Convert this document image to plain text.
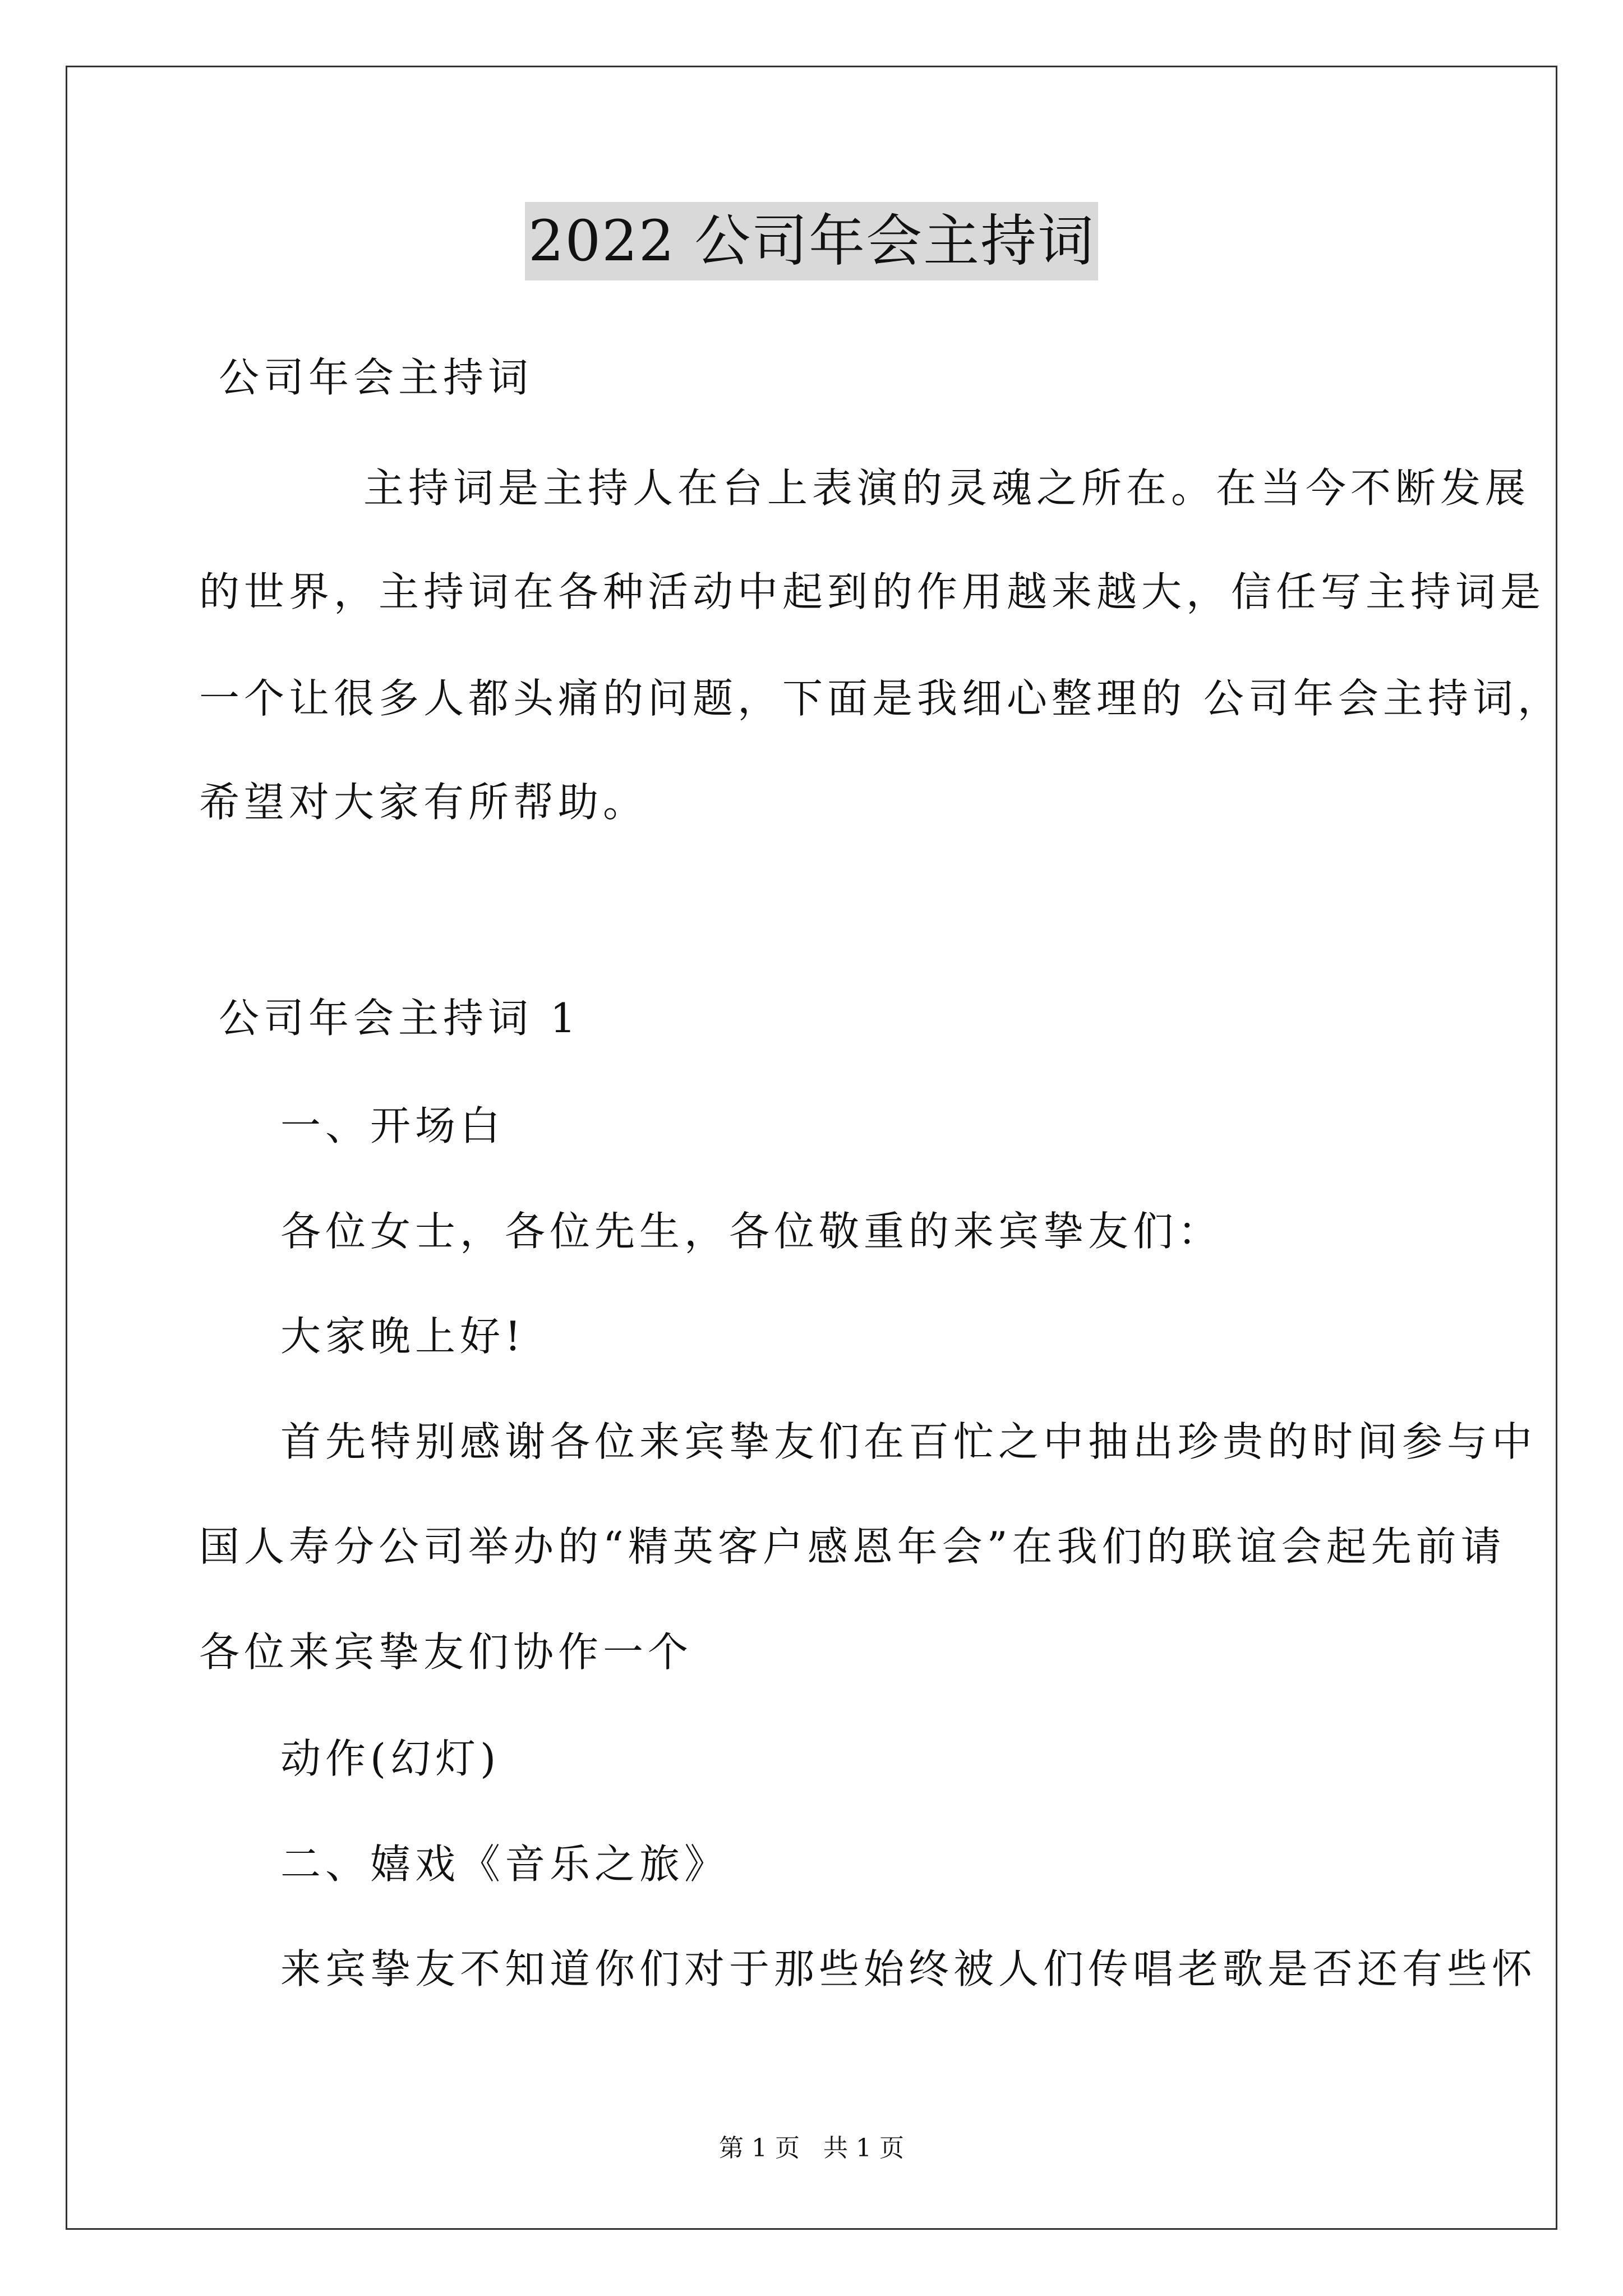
2022 公司年会主持词
公司年会主持词
主持词是主持人在台上表演的灵魂之所在。在当今不断发展
的世界，主持词在各种活动中起到的作用越来越大，信任写主持词是
一个让很多人都头痛的问题，下面是我细心整理的 公司年会主持词，
希望对大家有所帮助。
公司年会主持词 1
一、开场白
各位女士，各位先生，各位敬重的来宾挚友们：
大家晚上好!
首先特别感谢各位来宾挚友们在百忙之中抽出珍贵的时间参与中
国人寿分公司举办的“精英客户感恩年会”在我们的联谊会起先前请
各位来宾挚友们协作一个
动作(幻灯)
二、嬉戏《音乐之旅》
来宾挚友不知道你们对于那些始终被人们传唱老歌是否还有些怀
第 1 页   共 1 页
